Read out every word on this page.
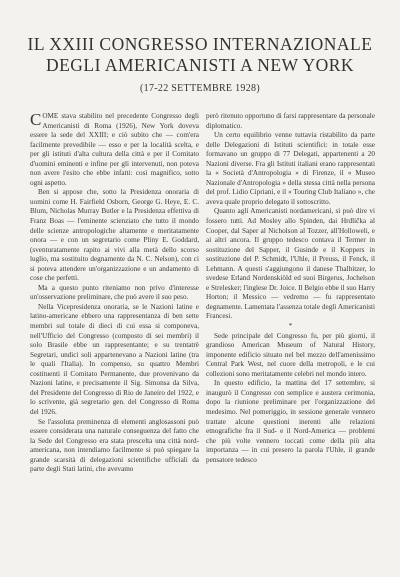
IL XXIII CONGRESSO INTERNAZIONALE
DEGLI AMERICANISTI A NEW YORK
(17-22 SETTEMBRE 1928)

COME stava stabilito nel precedente Congresso degli Americanisti di Roma (1926), New York doveva essere la sede del XXIII; e ciò subito che — com'era facilmente prevedibile — esso e per la località scelta, e per gli istituti d'alta cultura della città e per il Comitato d'uomini eminenti e infine per gli intervenuti, non poteva non avere l'esito che ebbe infatti: così magnifico, sotto ogni aspetto.

Ben si appose che, sotto la Presidenza onoraria di uomini come H. Fairfield Osborn, George G. Heye, E. C. Blum, Nicholas Murray Butler e la Presidenza effettiva di Franz Boas — l'eminente scienziato che tutto il mondo delle scienze antropologiche altamente e meritatamente onora — e con un segretario come Pliny E. Goddard, (sventuratamente rapito ai vivi alla metà dello scorso luglio, ma sostituito degnamente da N. C. Nelson), con ci si poteva attendere un'organizzazione e un andamento di cose che perfetti.

Ma a questo punto riteniamo non privo d'interesse un'osservazione preliminare, che può avere il suo peso.

Nella Vicepresidenza onoraria, se le Nazioni latine e latino-americane ebbero una rappresentanza di ben sette membri sul totale di dieci di cui essa si componeva, nell'Ufficio del Congresso (composto di sei membri) il solo Brasile ebbe un rappresentante; e su trentatrè Segretari, undici soli appartenevano a Nazioni latine (tra le quali l'Italia). In compenso, su quattro Membri costituenti il Comitato Permanente, due provenivano da Nazioni latine, e precisamente il Sig. Simonsa da Silva, del Presidente del Congresso di Rio de Janeiro del 1922, e lo scrivente, già segretario gen. del Congresso di Roma del 1926.

Se l'assoluta preminenza di elementi anglosassoni può essere considerata una naturale conseguenza del fatto che la Sede del Congresso era stata prescelta una città nord-americana, non intendiamo facilmente si può spiegare la grande scarsità di delegazioni scientifiche ufficiali da parte degli Stati latini, che avevamo

però ritenuto opportuno di farsi rappresentare da personale diplomatico.

Un certo equilibrio venne tuttavia ristabilito da parte delle Delegazioni di Istituti scientifici: in totale esse formavano un gruppo di 77 Delegati, appartenenti a 20 Nazioni diverse. Fra gli Istituti italiani erano rappresentati la « Società d'Antropologia » di Firenze, il « Museo Nazionale d'Antropologia » della stessa città nella persona del prof. Lidio Cipriani, e il « Touring Club Italiano », che aveva quale proprio delegato il sottoscritto.

Quanto agli Americanisti nordamericani, si può dire vi fossero tutti. Ad Mosley allo Spinden, dai Hrdlička al Cooper, dal Saper al Nicholson al Tozzer, all'Holloweli, e ai altri ancora. Il gruppo tedesco contava il Termer in sostituzione del Sapper, il Gusinde e il Koppers in sostituzione del P. Schmidt, l'Uhle, il Preuss, il Fenck, il Lehmann. A questi s'aggiungono il danese Thalbitzer, lo svedese Erland Nordenskiöld ed suoi Birgerus, Jochelson e Strelesker; l'inglese Dr. Joice. Il Belgio ebbe il suo Harry Horton; il Messico — vedremo — fu rappresentato degnamente. Lamentata l'assenza totale degli Americanisti Francesi.

*

Sede principale del Congresso fu, per più giorni, il grandioso American Museum of Natural History, imponente edificio situato nel bel mezzo dell'amenissimo Central Park West, nel cuore della metropoli, e le cui collezioni sono meritatamente celebri nel mondo intero.

In questo edificio, la mattina del 17 settembre, si inaugurò il Congresso con semplice e austera cerimonia, dopo la riunione preliminare per l'organizzazione del medesimo. Nel pomeriggio, in sessione generale vennero trattate alcune questioni inerenti alle relazioni etnografiche fra il Sud- e il Nord-America — problemi che più volte vennero toccati come della più alta importanza — in cui presero la parola l'Uhle, il grande pensatore tedesco
